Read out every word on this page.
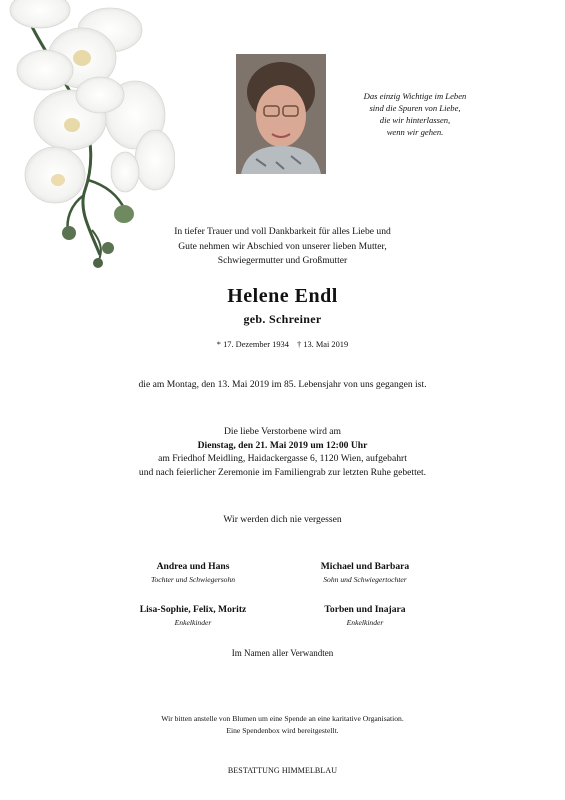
Das einzig Wichtige im Leben
sind die Spuren von Liebe,
die wir hinterlassen,
wenn wir gehen.
In tiefer Trauer und voll Dankbarkeit für alles Liebe und
Gute nehmen wir Abschied von unserer lieben Mutter,
Schwiegermutter und Großmutter
Helene Endl
geb. Schreiner
* 17. Dezember 1934 † 13. Mai 2019
die am Montag, den 13. Mai 2019 im 85. Lebensjahr von uns gegangen ist.
Die liebe Verstorbene wird am
Dienstag, den 21. Mai 2019 um 12:00 Uhr
am Friedhof Meidling, Haidackergasse 6, 1120 Wien, aufgebahrt
und nach feierlicher Zeremonie im Familiengrab zur letzten Ruhe gebettet.
Wir werden dich nie vergessen
Andrea und Hans
Tochter und Schwiegersohn
Michael und Barbara
Sohn und Schwiegertochter
Lisa-Sophie, Felix, Moritz
Enkelkinder
Torben und Inajara
Enkelkinder
Im Namen aller Verwandten
Wir bitten anstelle von Blumen um eine Spende an eine karitative Organisation.
Eine Spendenbox wird bereitgestellt.
BESTATTUNG HIMMELBLAU
